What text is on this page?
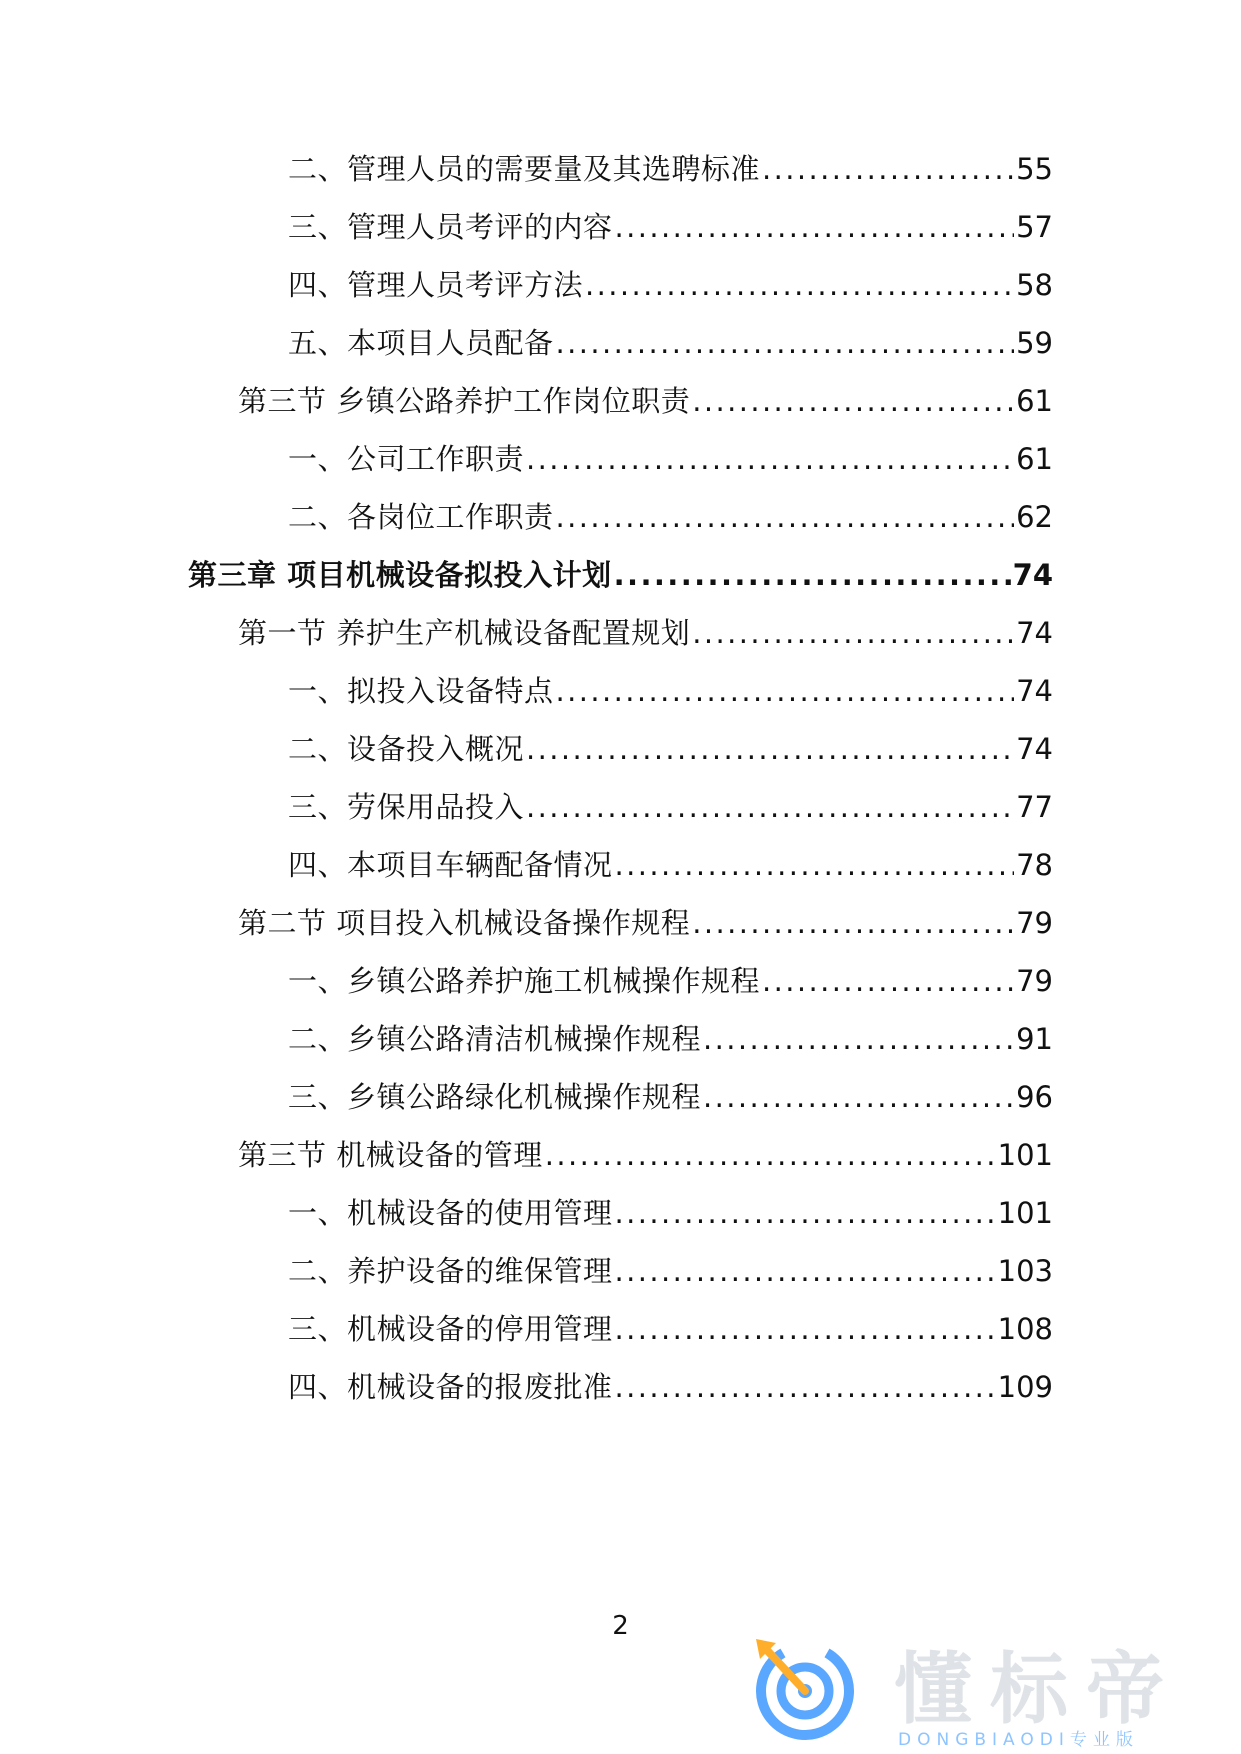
二、管理人员的需要量及其选聘标准 .....	55
三、管理人员考评的内容 .....	57
四、管理人员考评方法 .....	58
五、本项目人员配备 .....	59
第三节 乡镇公路养护工作岗位职责 .....	61
一、公司工作职责 .....	61
二、各岗位工作职责 .....	62
第三章 项目机械设备拟投入计划 .....	74
第一节 养护生产机械设备配置规划 .....	74
一、拟投入设备特点 .....	74
二、设备投入概况 .....	74
三、劳保用品投入 .....	77
四、本项目车辆配备情况 .....	78
第二节 项目投入机械设备操作规程 .....	79
一、乡镇公路养护施工机械操作规程 .....	79
二、乡镇公路清洁机械操作规程 .....	91
三、乡镇公路绿化机械操作规程 .....	96
第三节 机械设备的管理 .....	101
一、机械设备的使用管理 .....	101
二、养护设备的维保管理 .....	103
三、机械设备的停用管理 .....	108
四、机械设备的报废批准 .....	109
2
懂标帝
DONGBIAODI专业版
